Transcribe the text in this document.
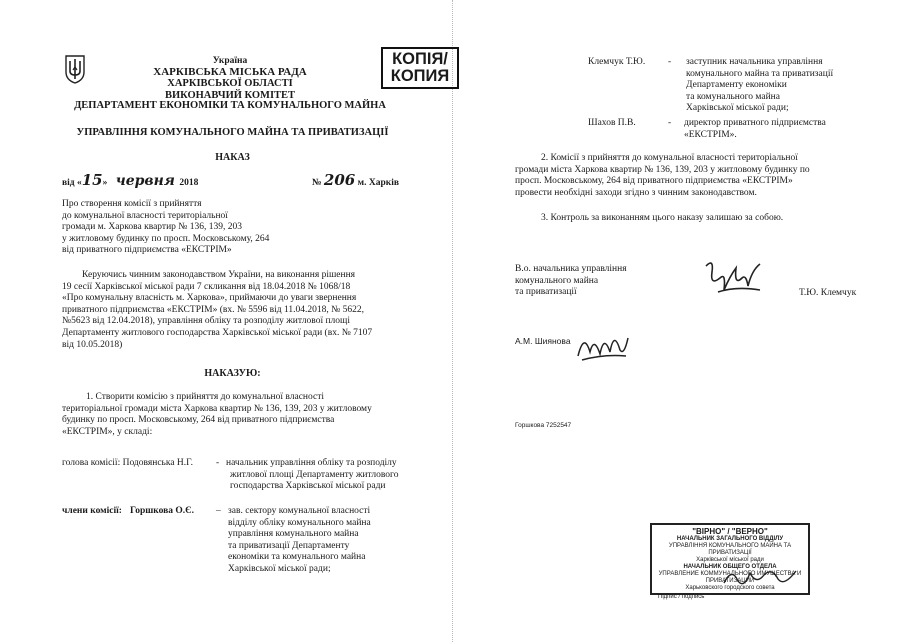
Україна
ХАРКІВСЬКА МІСЬКА РАДА
ХАРКІВСЬКОЇ ОБЛАСТІ
ВИКОНАВЧИЙ КОМІТЕТ
ДЕПАРТАМЕНТ ЕКОНОМІКИ ТА КОМУНАЛЬНОГО МАЙНА
КОПІЯ/
КОПИЯ
УПРАВЛІННЯ КОМУНАЛЬНОГО МАЙНА ТА ПРИВАТИЗАЦІЇ
НАКАЗ
від «15» червня 2018	№ 206 м. Харків
Про створення комісії з прийняття
до комунальної власності територіальної
громади м. Харкова квартир № 136, 139, 203
у житловому будинку по просп. Московському, 264
від приватного підприємства «ЕКСТРІМ»
Керуючись чинним законодавством України, на виконання рішення
19 сесії Харківської міської ради 7 скликання від 18.04.2018 № 1068/18
«Про комунальну власність м. Харкова», приймаючи до уваги звернення
приватного підприємства «ЕКСТРІМ» (вх. № 5596 від 11.04.2018, № 5622,
№5623 від 12.04.2018), управління обліку та розподілу житлової площі
Департаменту житлового господарства Харківської міської ради (вх. № 7107
від 10.05.2018)
НАКАЗУЮ:
1. Створити комісію з прийняття до комунальної власності
територіальної громади міста Харкова квартир № 136, 139, 203 у житловому
будинку по просп. Московському, 264 від приватного підприємства
«ЕКСТРІМ», у складі:
голова комісії: Подовянська Н.Г. - начальник управління обліку та розподілу
житлової площі Департаменту житлового
господарства Харківської міської ради
члени комісії: Горшкова О.Є. – зав. сектору комунальної власності
відділу обліку комунального майна
управління комунального майна
та приватизації Департаменту
економіки та комунального майна
Харківської міської ради;
Клемчук Т.Ю. - заступник начальника управління
комунального майна та приватизації
Департаменту економіки
та комунального майна
Харківської міської ради;
Шахов П.В.	- директор приватного підприємства
«ЕКСТРІМ».
2. Комісії з прийняття до комунальної власності територіальної
громади міста Харкова квартир № 136, 139, 203 у житловому будинку по
просп. Московському, 264 від приватного підприємства «ЕКСТРІМ»
провести необхідні заходи згідно з чинним законодавством.
3. Контроль за виконанням цього наказу залишаю за собою.
В.о. начальника управління
комунального майна
та приватизації	Т.Ю. Клемчук
А.М. Шиянова
Горшкова 7252547
"ВІРНО" / "ВЕРНО"
НАЧАЛЬНИК ЗАГАЛЬНОГО ВІДДІЛУ
УПРАВЛІННЯ КОМУНАЛЬНОГО МАЙНА ТА ПРИВАТИЗАЦІЇ
Харківської міської ради
НАЧАЛЬНИК ОБЩЕГО ОТДЕЛА
УПРАВЛЕНИЕ КОММУНАЛЬНОГО ИМУЩЕСТВА И ПРИВАТИЗАЦИИ
Харьковского городского совета
Підпис / подпись
